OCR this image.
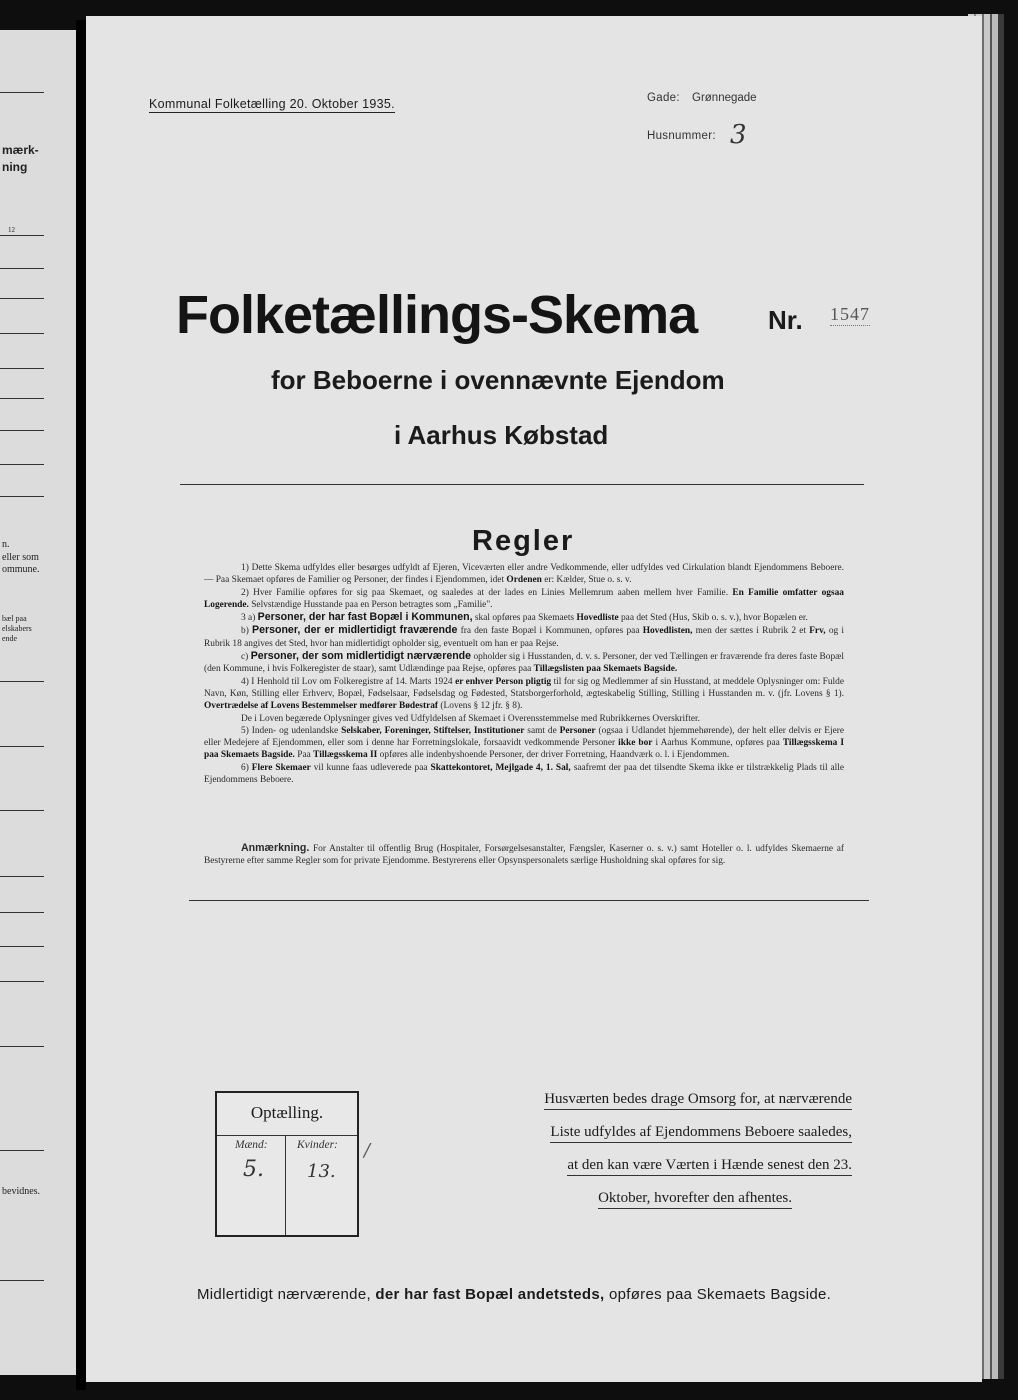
mærk-
ning
12
n.
eller som
ommune.
bæl paa
elskabers
ende
bevidnes.
Kommunal Folketælling 20. Oktober 1935.	Gade: Grønnegade
Husnummer: 3
Folketællings-Skema	Nr. 1547
for Beboerne i ovennævnte Ejendom
i Aarhus Købstad
Regler

1) Dette Skema udfyldes eller besørges udfyldt af Ejeren, Viceværten eller andre Vedkommende, eller udfyldes ved Cirkulation blandt Ejendommens Beboere. — Paa Skemaet opføres de Familier og Personer, der findes i Ejendommen, idet Ordenen er: Kælder, Stue o. s. v.

2) Hver Familie opføres for sig paa Skemaet, og saaledes at der lades en Linies Mellemrum aaben mellem hver Familie. En Familie omfatter ogsaa Logerende. Selvstændige Husstande paa en Person betragtes som „Familie".

3 a) Personer, der har fast Bopæl i Kommunen, skal opføres paa Skemaets Hovedliste paa det Sted (Hus, Skib o. s. v.), hvor Bopælen er.

b) Personer, der er midlertidigt fraværende fra den faste Bopæl i Kommunen, opføres paa Hovedlisten, men der sættes i Rubrik 2 et Frv, og i Rubrik 18 angives det Sted, hvor han midlertidigt opholder sig, eventuelt om han er paa Rejse.

c) Personer, der som midlertidigt nærværende opholder sig i Husstanden, d. v. s. Personer, der ved Tællingen er fraværende fra deres faste Bopæl (den Kommune, i hvis Folkeregister de staar), samt Udlændinge paa Rejse, opføres paa Tillægslisten paa Skemaets Bagside.

4) I Henhold til Lov om Folkeregistre af 14. Marts 1924 er enhver Person pligtig til for sig og Medlemmer af sin Husstand, at meddele Oplysninger om: Fulde Navn, Køn, Stilling eller Erhverv, Bopæl, Fødselsaar, Fødselsdag og Fødested, Statsborgerforhold, ægteskabelig Stilling, Stilling i Husstanden m. v. (jfr. Lovens § 1). Overtrædelse af Lovens Bestemmelser medfører Bødestraf (Lovens § 12 jfr. § 8).

De i Loven begærede Oplysninger gives ved Udfyldelsen af Skemaet i Overensstemmelse med Rubrikkernes Overskrifter.

5) Inden- og udenlandske Selskaber, Foreninger, Stiftelser, Institutioner samt de Personer (ogsaa i Udlandet hjemmehørende), der helt eller delvis er Ejere eller Medejere af Ejendommen, eller som i denne har Forretningslokale, forsaavidt vedkommende Personer ikke bor i Aarhus Kommune, opføres paa Tillægsskema I paa Skemaets Bagside. Paa Tillægsskema II opføres alle indenbyshoende Personer, der driver Forretning, Haandværk o. l. i Ejendommen.

6) Flere Skemaer vil kunne faas udleverede paa Skattekontoret, Mejlgade 4, 1. Sal, saafremt der paa det tilsendte Skema ikke er tilstrækkelig Plads til alle Ejendommens Beboere.

Anmærkning. For Anstalter til offentlig Brug (Hospitaler, Forsørgelsesanstalter, Fængsler, Kaserner o. s. v.) samt Hoteller o. l. udfyldes Skemaerne af Bestyrerne efter samme Regler som for private Ejendomme. Bestyrerens eller Opsynspersonalets særlige Husholdning skal opføres for sig.

Optælling.
Mænd:	Kvinder:
5. 13.
/
Husværten bedes drage Omsorg for, at nærværende
Liste udfyldes af Ejendommens Beboere saaledes,
at den kan være Værten i Hænde senest den 23.
Oktober, hvorefter den afhentes.
Midlertidigt nærværende, der har fast Bopæl andetsteds, opføres paa Skemaets Bagside.
